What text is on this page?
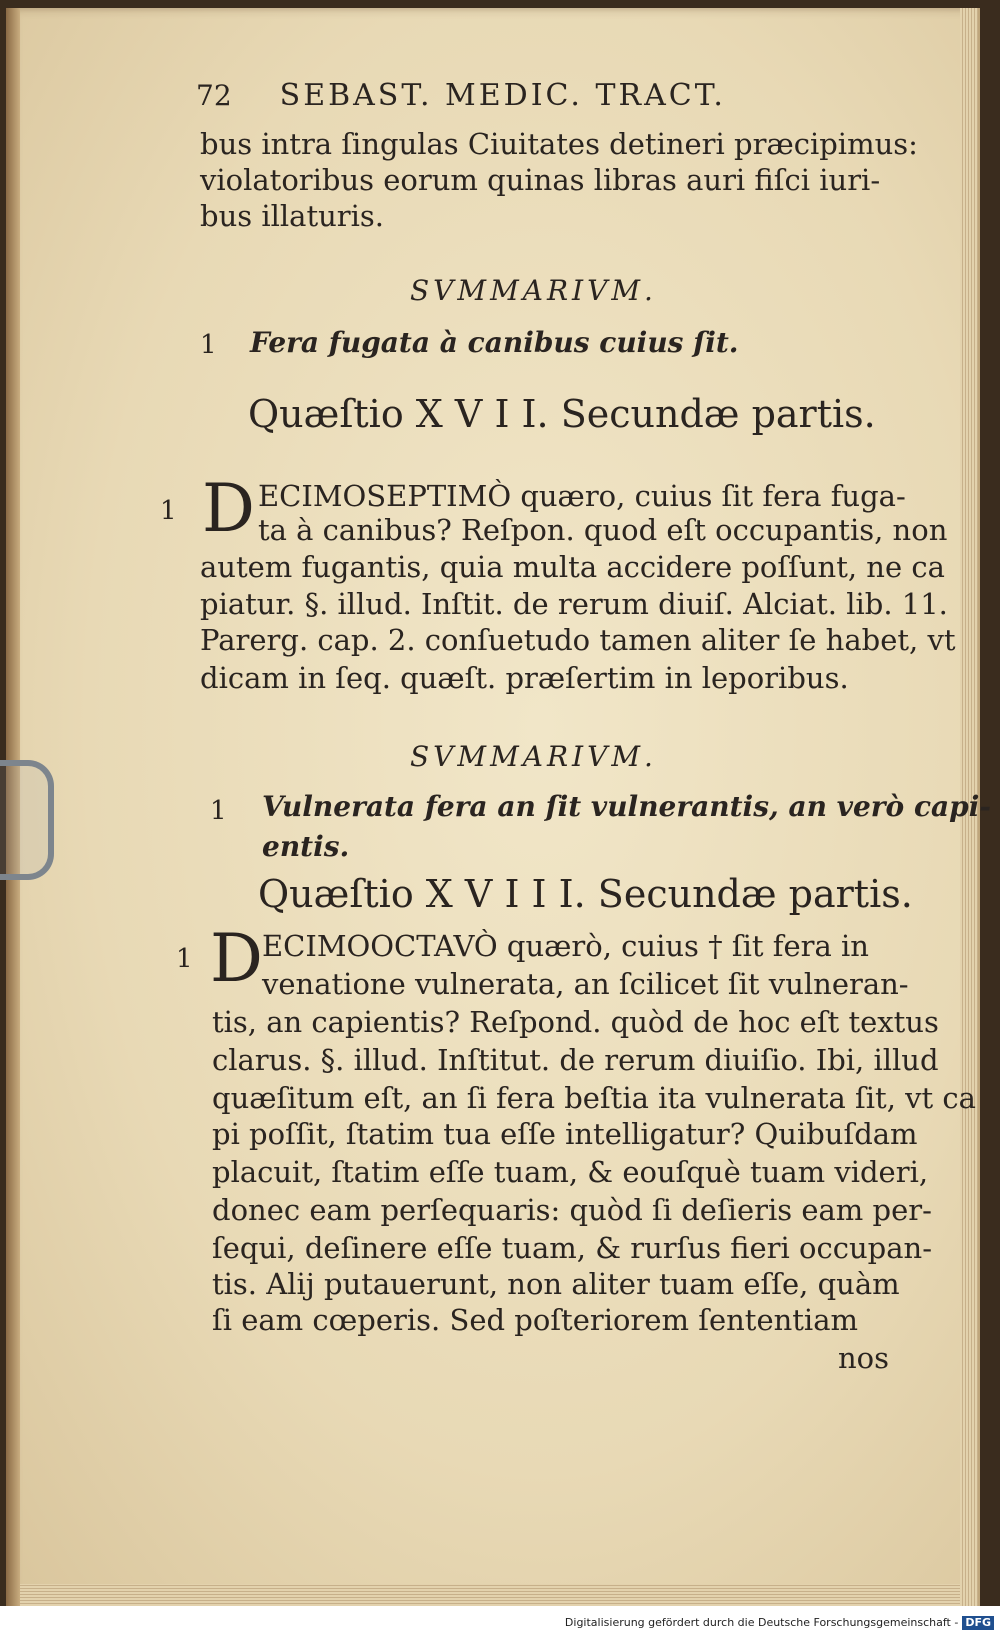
72 SEBAST. MEDIC. TRACT.
bus intra ſingulas Ciuitates detineri præcipimus:
violatoribus eorum quinas libras auri fiſci iuri-
bus illaturis.
SVMMARIVM.
1 Fera fugata à canibus cuius ſit.
Quæſtio X V I I. Secundæ partis.
1 D ECIMOSEPTIMÒ quæro, cuius ſit fera fuga-
ta à canibus? Reſpon. quod eſt occupantis, non
autem fugantis, quia multa accidere poſſunt, ne ca
piatur. §. illud. Inſtit. de rerum diuiſ. Alciat. lib. 11.
Parerg. cap. 2. conſuetudo tamen aliter ſe habet, vt
dicam in ſeq. quæſt. præſertim in leporibus.
SVMMARIVM.
1 Vulnerata fera an ſit vulnerantis, an verò capi-
entis.
Quæſtio X V I I I. Secundæ partis.
1 D ECIMOOCTAVÒ quærò, cuius † ſit fera in
venatione vulnerata, an ſcilicet ſit vulneran-
tis, an capientis? Reſpond. quòd de hoc eſt textus
clarus. §. illud. Inſtitut. de rerum diuiſio. Ibi, illud
quæſitum eſt, an ſi fera beſtia ita vulnerata ſit, vt ca
pi poſſit, ſtatim tua eſſe intelligatur? Quibuſdam
placuit, ſtatim eſſe tuam, & eouſquè tuam videri,
donec eam perſequaris: quòd ſi deſieris eam per-
ſequi, deſinere eſſe tuam, & rurſus fieri occupan-
tis. Alij putauerunt, non aliter tuam eſſe, quàm
ſi eam cœperis. Sed poſteriorem ſententiam
nos
Digitalisierung gefördert durch die Deutsche Forschungsgemeinschaft - DFG
